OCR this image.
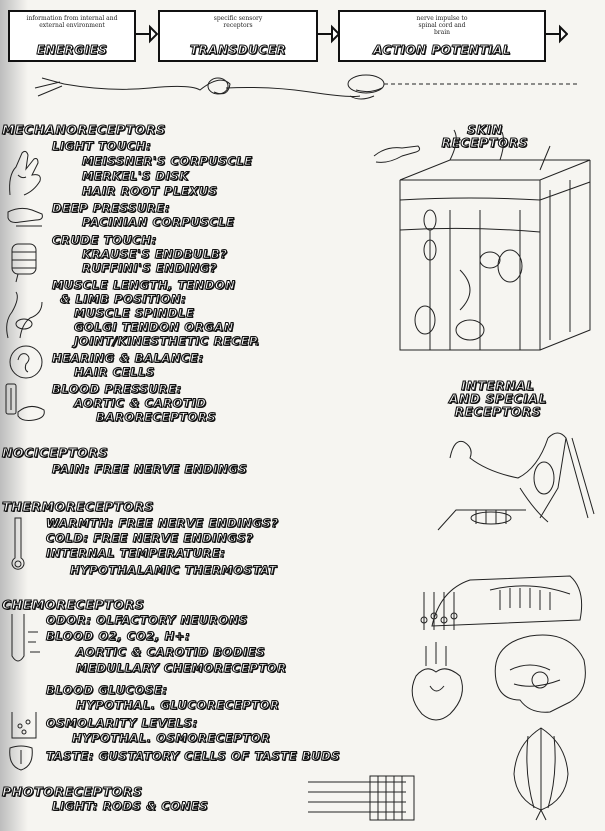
information from internal and external environment
ENERGIES
specific sensory receptors
TRANSDUCER
nerve impulse to spinal cord and brain
ACTION POTENTIAL
MECHANORECEPTORS
LIGHT TOUCH:
MEISSNER'S CORPUSCLE
MERKEL'S DISK
HAIR ROOT PLEXUS
DEEP PRESSURE:
PACINIAN CORPUSCLE
CRUDE TOUCH:
KRAUSE'S ENDBULB?
RUFFINI'S ENDING?
MUSCLE LENGTH, TENDON
& LIMB POSITION:
MUSCLE SPINDLE
GOLGI TENDON ORGAN
JOINT/KINESTHETIC RECEP.
HEARING & BALANCE:
HAIR CELLS
BLOOD PRESSURE:
AORTIC & CAROTID
BARORECEPTORS
NOCICEPTORS
PAIN: FREE NERVE ENDINGS
THERMORECEPTORS
WARMTH: FREE NERVE ENDINGS?
COLD: FREE NERVE ENDINGS?
INTERNAL TEMPERATURE:
HYPOTHALAMIC THERMOSTAT
CHEMORECEPTORS
ODOR: OLFACTORY NEURONS
BLOOD O2, CO2, H+:
AORTIC & CAROTID BODIES
MEDULLARY CHEMORECEPTOR
BLOOD GLUCOSE:
HYPOTHAL. GLUCORECEPTOR
OSMOLARITY LEVELS:
HYPOTHAL. OSMORECEPTOR
TASTE: GUSTATORY CELLS OF TASTE BUDS
PHOTORECEPTORS
LIGHT: RODS & CONES
SKIN
RECEPTORS
INTERNAL
AND SPECIAL
RECEPTORS
